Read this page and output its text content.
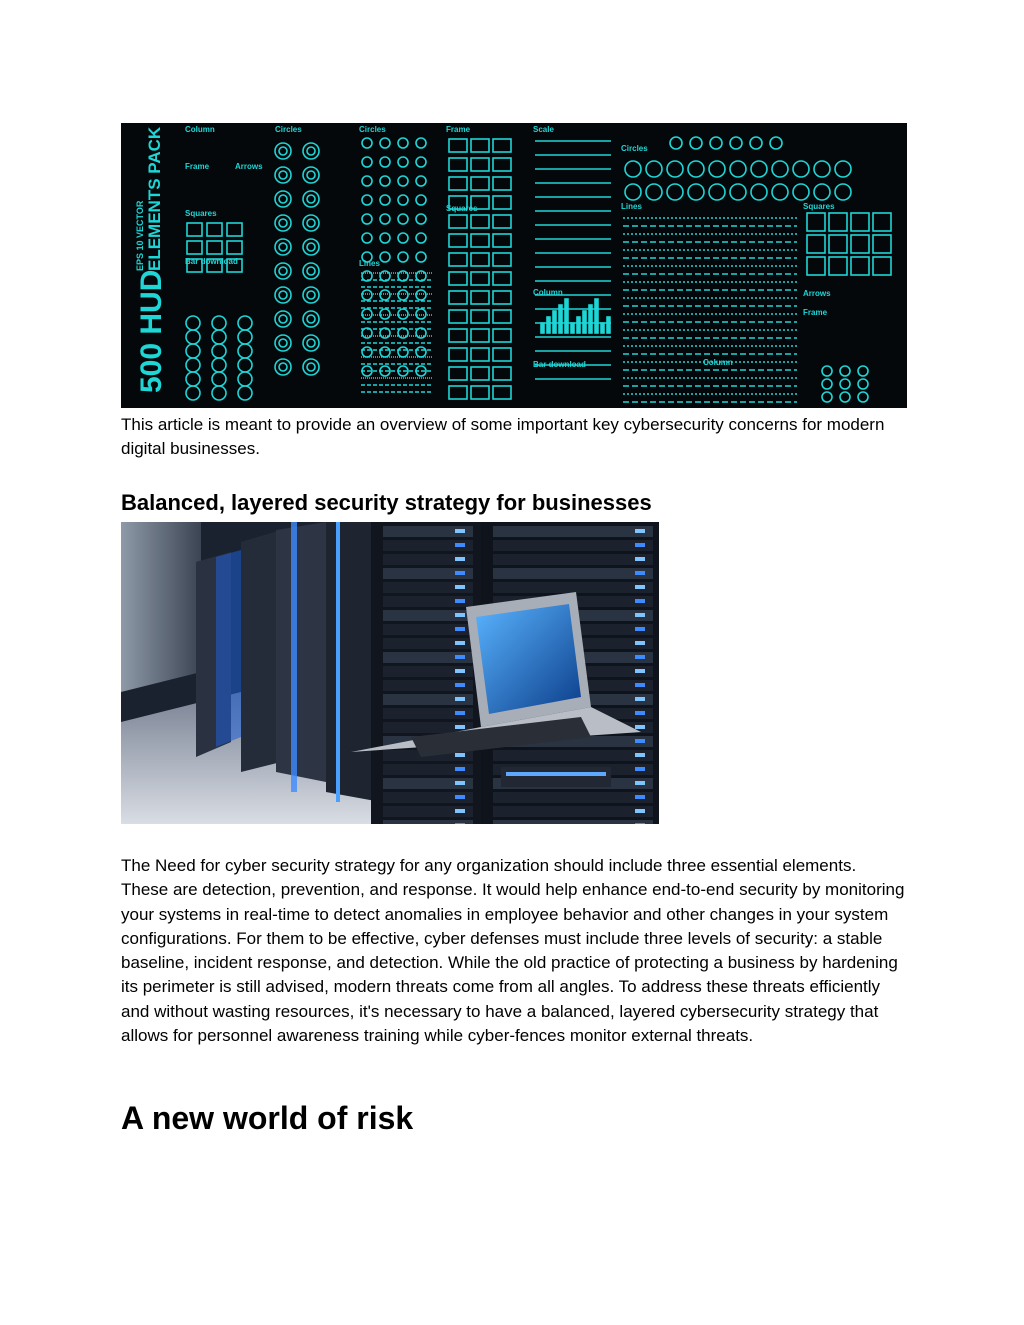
500 HUD
ELEMENTS PACK
EPS 10 VECTOR
Column	Circles	Circles	Frame	Scale
Circles
Frame	Arrows
Squares
Squares
Bar download	Lines
Column
Bar download
Lines	Squares
Arrows
Frame
Column

This article is meant to provide an overview of some important key cybersecurity concerns for modern digital businesses.

Balanced, layered security strategy for businesses

The Need for cyber security strategy for any organization should include three essential elements. These are detection, prevention, and response. It would help enhance end-to-end security by monitoring your systems in real-time to detect anomalies in employee behavior and other changes in your system configurations. For them to be effective, cyber defenses must include three levels of security: a stable baseline, incident response, and detection. While the old practice of protecting a business by hardening its perimeter is still advised, modern threats come from all angles. To address these threats efficiently and without wasting resources, it's necessary to have a balanced, layered cybersecurity strategy that allows for personnel awareness training while cyber-fences monitor external threats.

A new world of risk
